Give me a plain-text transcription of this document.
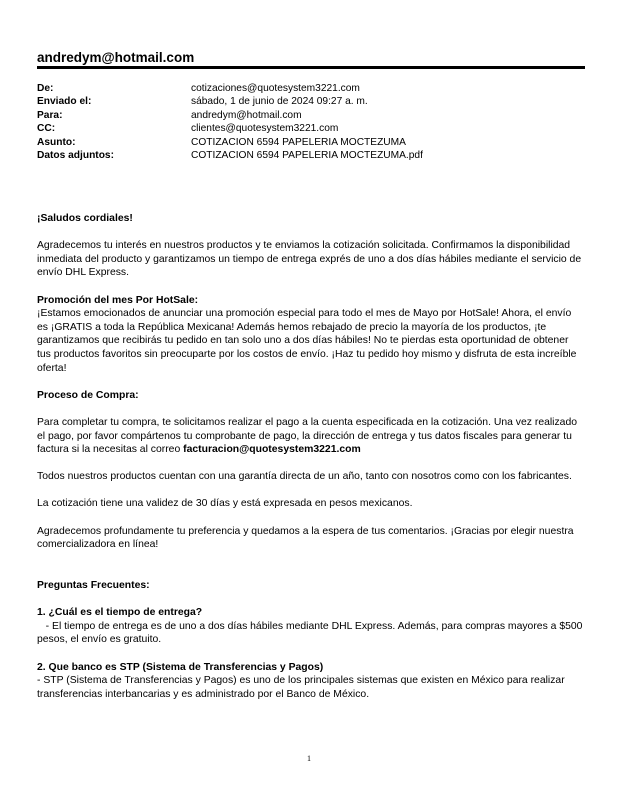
andredym@hotmail.com
De:	cotizaciones@quotesystem3221.com
Enviado el:	sábado, 1 de junio de 2024 09:27 a. m.
Para:	andredym@hotmail.com
CC:	clientes@quotesystem3221.com
Asunto:	COTIZACION 6594 PAPELERIA MOCTEZUMA
Datos adjuntos:	COTIZACION 6594 PAPELERIA MOCTEZUMA.pdf

¡Saludos cordiales!

Agradecemos tu interés en nuestros productos y te enviamos la cotización solicitada. Confirmamos la disponibilidad inmediata del producto y garantizamos un tiempo de entrega exprés de uno a dos días hábiles mediante el servicio de envío DHL Express.

Promoción del mes Por HotSale:

¡Estamos emocionados de anunciar una promoción especial para todo el mes de Mayo por HotSale! Ahora, el envío es ¡GRATIS a toda la República Mexicana! Además hemos rebajado de precio la mayoría de los productos, ¡te garantizamos que recibirás tu pedido en tan solo uno a dos días hábiles! No te pierdas esta oportunidad de obtener tus productos favoritos sin preocuparte por los costos de envío. ¡Haz tu pedido hoy mismo y disfruta de esta increíble oferta!

Proceso de Compra:

Para completar tu compra, te solicitamos realizar el pago a la cuenta especificada en la cotización. Una vez realizado el pago, por favor compártenos tu comprobante de pago, la dirección de entrega y tus datos fiscales para generar tu factura si la necesitas al correo facturacion@quotesystem3221.com

Todos nuestros productos cuentan con una garantía directa de un año, tanto con nosotros como con los fabricantes.

La cotización tiene una validez de 30 días y está expresada en pesos mexicanos.

Agradecemos profundamente tu preferencia y quedamos a la espera de tus comentarios. ¡Gracias por elegir nuestra comercializadora en línea!

Preguntas Frecuentes:

1. ¿Cuál es el tiempo de entrega?

- El tiempo de entrega es de uno a dos días hábiles mediante DHL Express. Además, para compras mayores a $500 pesos, el envío es gratuito.

2. Que banco es STP (Sistema de Transferencias y Pagos)

- STP (Sistema de Transferencias y Pagos) es uno de los principales sistemas que existen en México para realizar transferencias interbancarias y es administrado por el Banco de México.

1
